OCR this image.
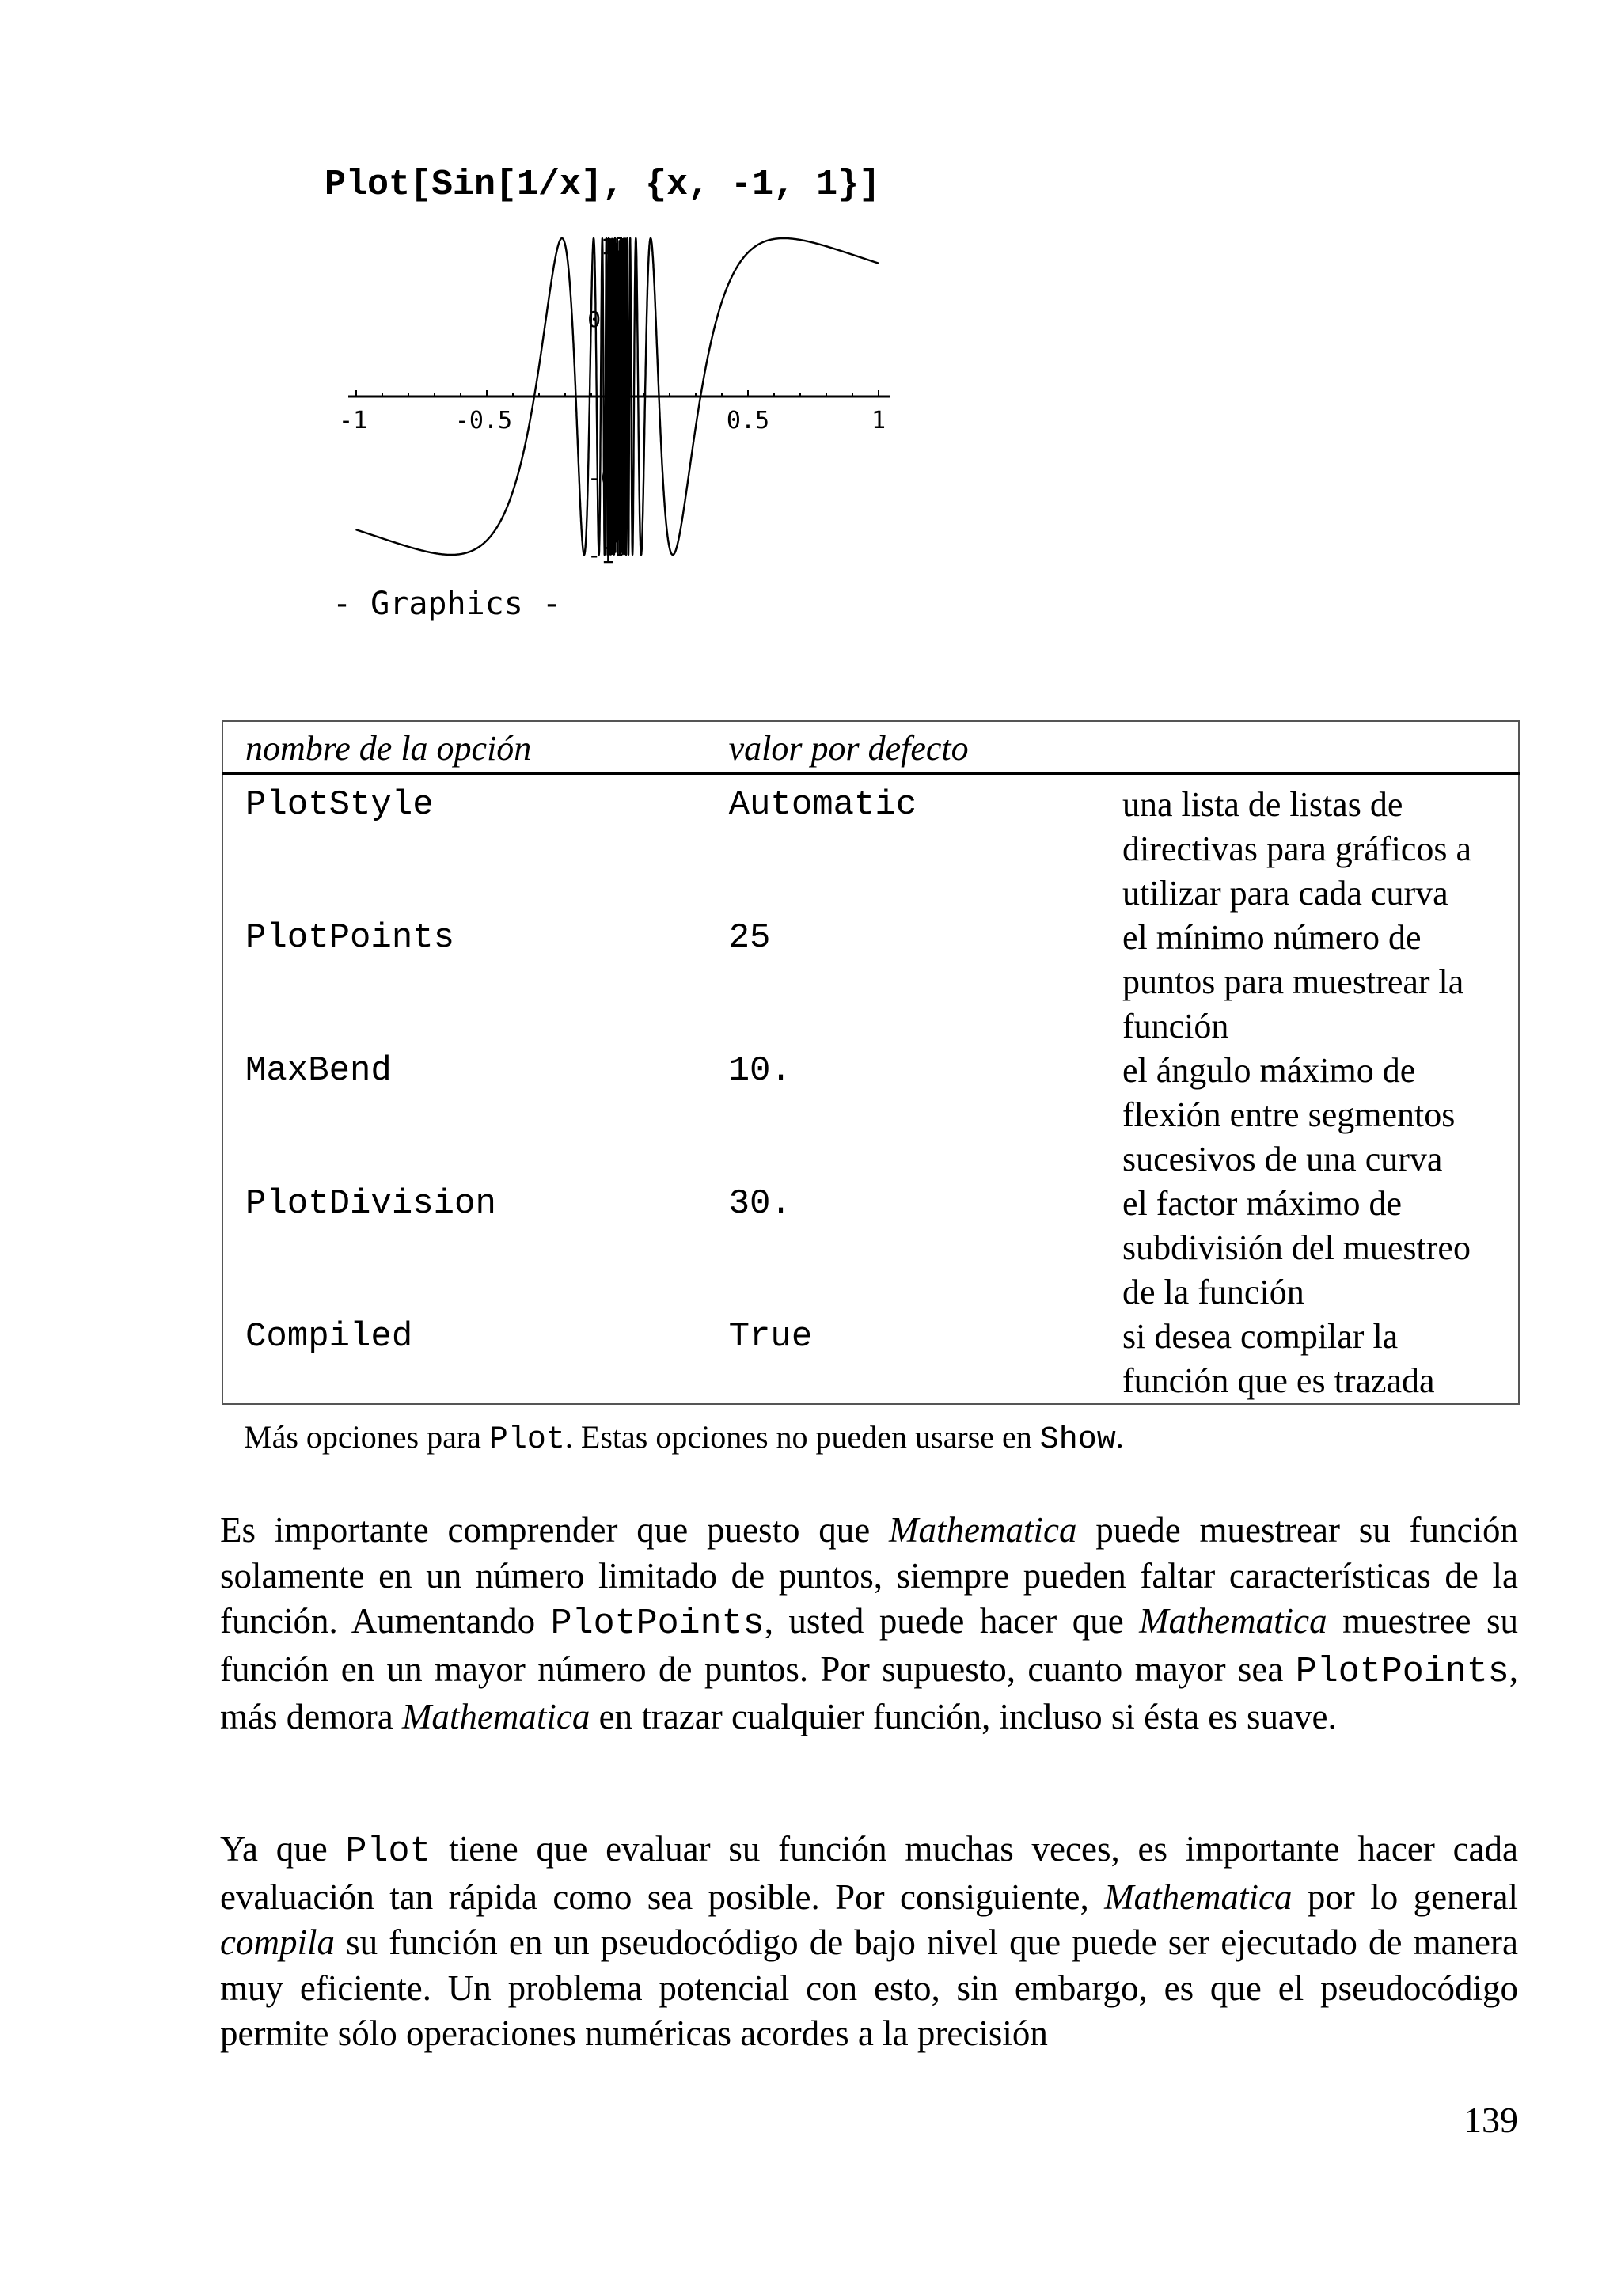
Plot[Sin[1/x], {x, -1, 1}]
-1	-0.5	0.5	1
1
0.
-0
-1
- Graphics -
nombre de la opción	valor por defecto	
PlotStyle	Automatic	una lista de listas de directivas para gráficos a utilizar para cada curva
PlotPoints	25	el mínimo número de puntos para muestrear la función
MaxBend	10.	el ángulo máximo de flexión entre segmentos sucesivos de una curva
PlotDivision	30.	el factor máximo de subdivisión del muestreo de la función
Compiled	True	si desea compilar la función que es trazada
Más opciones para Plot. Estas opciones no pueden usarse en Show.

Es importante comprender que puesto que Mathematica puede muestrear su función solamente en un número limitado de puntos, siempre pueden faltar características de la función. Aumentando PlotPoints, usted puede hacer que Mathematica muestree su función en un mayor número de puntos. Por supuesto, cuanto mayor sea PlotPoints, más demora Mathematica en trazar cualquier función, incluso si ésta es suave.

Ya que Plot tiene que evaluar su función muchas veces, es importante hacer cada evaluación tan rápida como sea posible. Por consiguiente, Mathematica por lo general compila su función en un pseudocódigo de bajo nivel que puede ser ejecutado de manera muy eficiente. Un problema potencial con esto, sin embargo, es que el pseudocódigo permite sólo operaciones numéricas acordes a la precisión

139
